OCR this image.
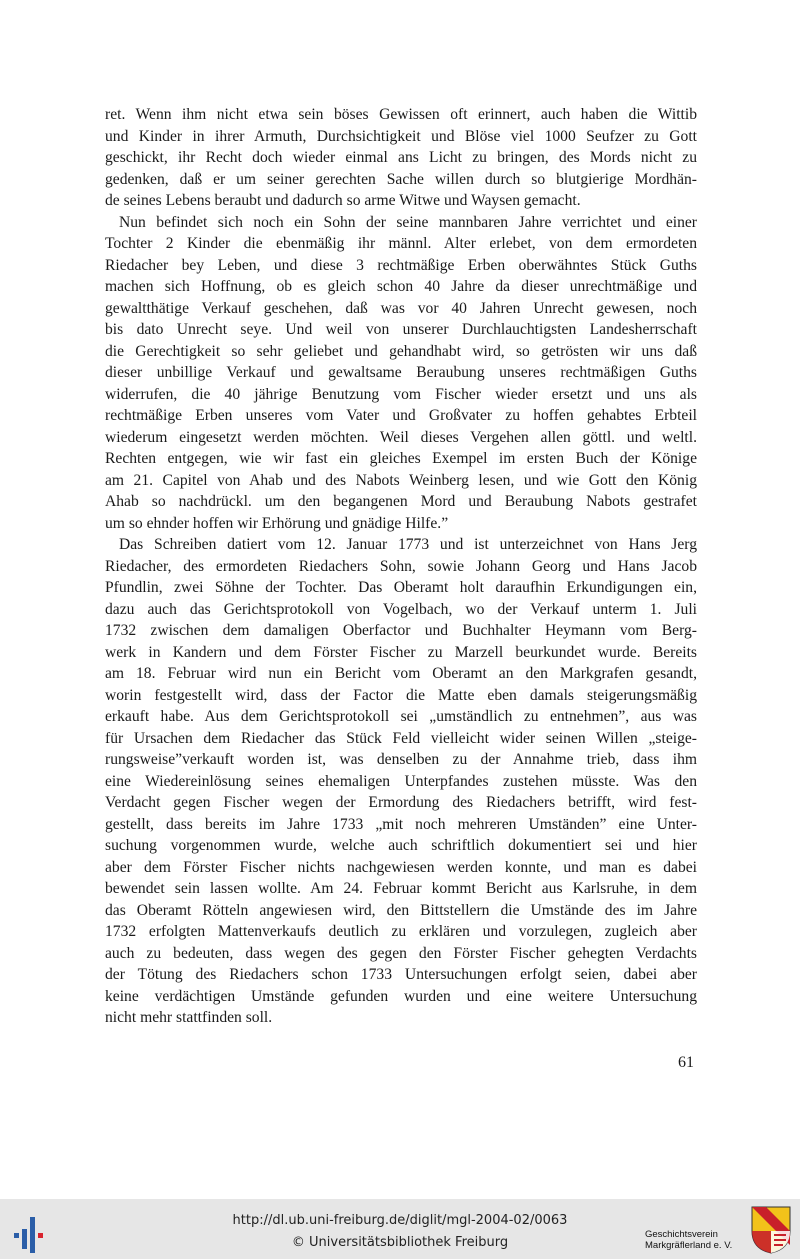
ret. Wenn ihm nicht etwa sein böses Gewissen oft erinnert, auch haben die Wittib
und Kinder in ihrer Armuth, Durchsichtigkeit und Blöse viel 1000 Seufzer zu Gott
geschickt, ihr Recht doch wieder einmal ans Licht zu bringen, des Mords nicht zu
gedenken, daß er um seiner gerechten Sache willen durch so blutgierige Mordhän-
de seines Lebens beraubt und dadurch so arme Witwe und Waysen gemacht.
Nun befindet sich noch ein Sohn der seine mannbaren Jahre verrichtet und einer
Tochter 2 Kinder die ebenmäßig ihr männl. Alter erlebet, von dem ermordeten
Riedacher bey Leben, und diese 3 rechtmäßige Erben oberwähntes Stück Guths
machen sich Hoffnung, ob es gleich schon 40 Jahre da dieser unrechtmäßige und
gewaltthätige Verkauf geschehen, daß was vor 40 Jahren Unrecht gewesen, noch
bis dato Unrecht seye. Und weil von unserer Durchlauchtigsten Landesherrschaft
die Gerechtigkeit so sehr geliebet und gehandhabt wird, so getrösten wir uns daß
dieser unbillige Verkauf und gewaltsame Beraubung unseres rechtmäßigen Guths
widerrufen, die 40 jährige Benutzung vom Fischer wieder ersetzt und uns als
rechtmäßige Erben unseres vom Vater und Großvater zu hoffen gehabtes Erbteil
wiederum eingesetzt werden möchten. Weil dieses Vergehen allen göttl. und weltl.
Rechten entgegen, wie wir fast ein gleiches Exempel im ersten Buch der Könige
am 21. Capitel von Ahab und des Nabots Weinberg lesen, und wie Gott den König
Ahab so nachdrückl. um den begangenen Mord und Beraubung Nabots gestrafet
um so ehnder hoffen wir Erhörung und gnädige Hilfe.”
Das Schreiben datiert vom 12. Januar 1773 und ist unterzeichnet von Hans Jerg
Riedacher, des ermordeten Riedachers Sohn, sowie Johann Georg und Hans Jacob
Pfundlin, zwei Söhne der Tochter. Das Oberamt holt daraufhin Erkundigungen ein,
dazu auch das Gerichtsprotokoll von Vogelbach, wo der Verkauf unterm 1. Juli
1732 zwischen dem damaligen Oberfactor und Buchhalter Heymann vom Berg-
werk in Kandern und dem Förster Fischer zu Marzell beurkundet wurde. Bereits
am 18. Februar wird nun ein Bericht vom Oberamt an den Markgrafen gesandt,
worin festgestellt wird, dass der Factor die Matte eben damals steigerungsmäßig
erkauft habe. Aus dem Gerichtsprotokoll sei „umständlich zu entnehmen”, aus was
für Ursachen dem Riedacher das Stück Feld vielleicht wider seinen Willen „steige-
rungsweise”verkauft worden ist, was denselben zu der Annahme trieb, dass ihm
eine Wiedereinlösung seines ehemaligen Unterpfandes zustehen müsste. Was den
Verdacht gegen Fischer wegen der Ermordung des Riedachers betrifft, wird fest-
gestellt, dass bereits im Jahre 1733 „mit noch mehreren Umständen” eine Unter-
suchung vorgenommen wurde, welche auch schriftlich dokumentiert sei und hier
aber dem Förster Fischer nichts nachgewiesen werden konnte, und man es dabei
bewendet sein lassen wollte. Am 24. Februar kommt Bericht aus Karlsruhe, in dem
das Oberamt Rötteln angewiesen wird, den Bittstellern die Umstände des im Jahre
1732 erfolgten Mattenverkaufs deutlich zu erklären und vorzulegen, zugleich aber
auch zu bedeuten, dass wegen des gegen den Förster Fischer gehegten Verdachts
der Tötung des Riedachers schon 1733 Untersuchungen erfolgt seien, dabei aber
keine verdächtigen Umstände gefunden wurden und eine weitere Untersuchung
nicht mehr stattfinden soll.
61
http://dl.ub.uni-freiburg.de/diglit/mgl-2004-02/0063
© Universitätsbibliothek Freiburg
Geschichtsverein
Markgräflerland e. V.
